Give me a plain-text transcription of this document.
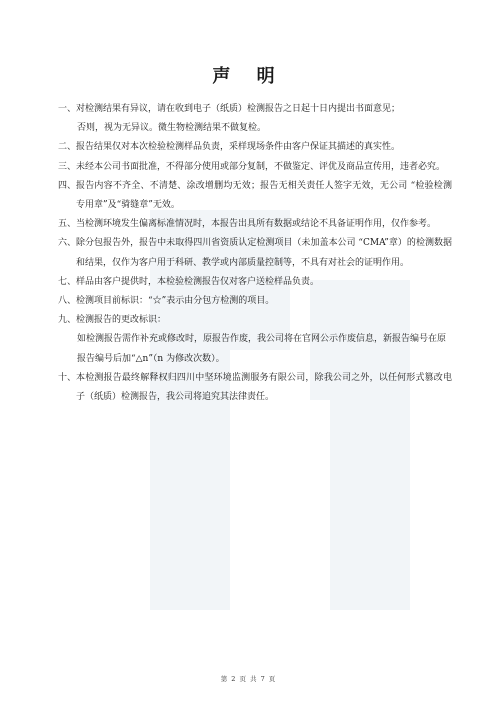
声 明
一、 对检测结果有异议，请在收到电子（纸质）检测报告之日起十日内提出书面意见；
否则，视为无异议。微生物检测结果不做复检。
二、 报告结果仅对本次检验检测样品负责，采样现场条件由客户保证其描述的真实性。
三、 未经本公司书面批准，不得部分使用或部分复制，不做鉴定、评优及商品宣传用，违者必究。
四、 报告内容不齐全、不清楚、涂改增删均无效；报告无相关责任人签字无效，无公司 “检验检测专用章”及“骑缝章”无效。
五、 当检测环境发生偏离标准情况时，本报告出具所有数据或结论不具备证明作用，仅作参考。
六、 除分包报告外，报告中未取得四川省资质认定检测项目（未加盖本公司 “CMA”章）的检测数据和结果，仅作为客户用于科研、教学或内部质量控制等，不具有对社会的证明作用。
七、 样品由客户提供时，本检验检测报告仅对客户送检样品负责。
八、 检测项目前标识：“☆”表示由分包方检测的项目。
九、 检测报告的更改标识：
如检测报告需作补充或修改时，原报告作废，我公司将在官网公示作废信息，新报告编号在原报告编号后加“△n”（n 为修改次数）。
十、 本检测报告最终解释权归四川中坚环境监测服务有限公司，除我公司之外，以任何形式篡改电子（纸质）检测报告，我公司将追究其法律责任。
第 2 页 共 7 页
